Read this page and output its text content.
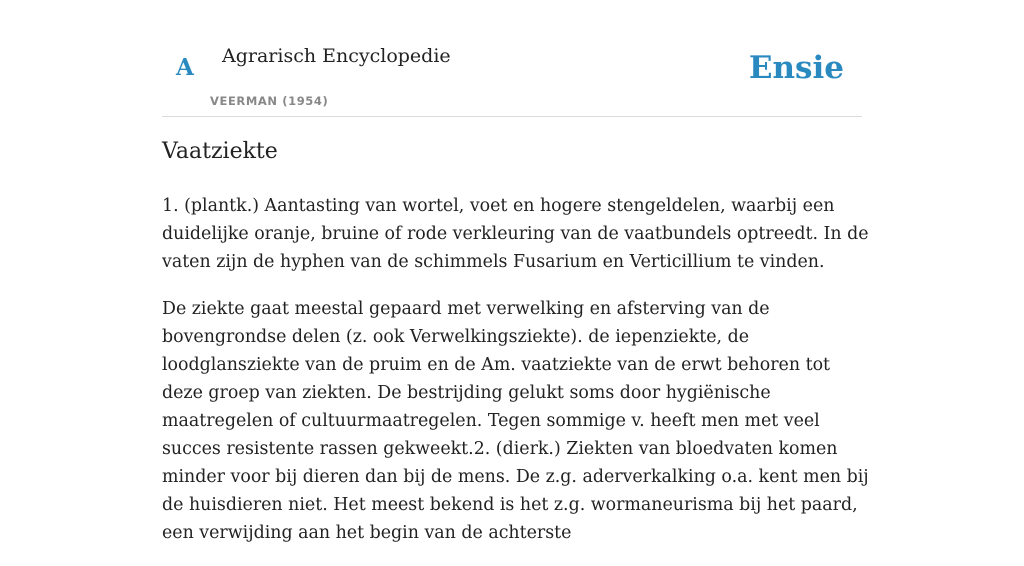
A Agrarisch Encyclopedie
VEERMAN (1954)
Ensie
Vaatziekte

1. (plantk.) Aantasting van wortel, voet en hogere stengeldelen, waarbij een duidelijke oranje, bruine of rode verkleuring van de vaatbundels optreedt. In de vaten zijn de hyphen van de schimmels Fusarium en Verticillium te vinden.

De ziekte gaat meestal gepaard met verwelking en afsterving van de bovengrondse delen (z. ook Verwelkingsziekte). de iepenziekte, de loodglansziekte van de pruim en de Am. vaatziekte van de erwt behoren tot deze groep van ziekten. De bestrijding gelukt soms door hygiënische maatregelen of cultuurmaatregelen. Tegen sommige v. heeft men met veel succes resistente rassen gekweekt.2. (dierk.) Ziekten van bloedvaten komen minder voor bij dieren dan bij de mens. De z.g. aderverkalking o.a. kent men bij de huisdieren niet. Het meest bekend is het z.g. wormaneurisma bij het paard, een verwijding aan het begin van de achterste
